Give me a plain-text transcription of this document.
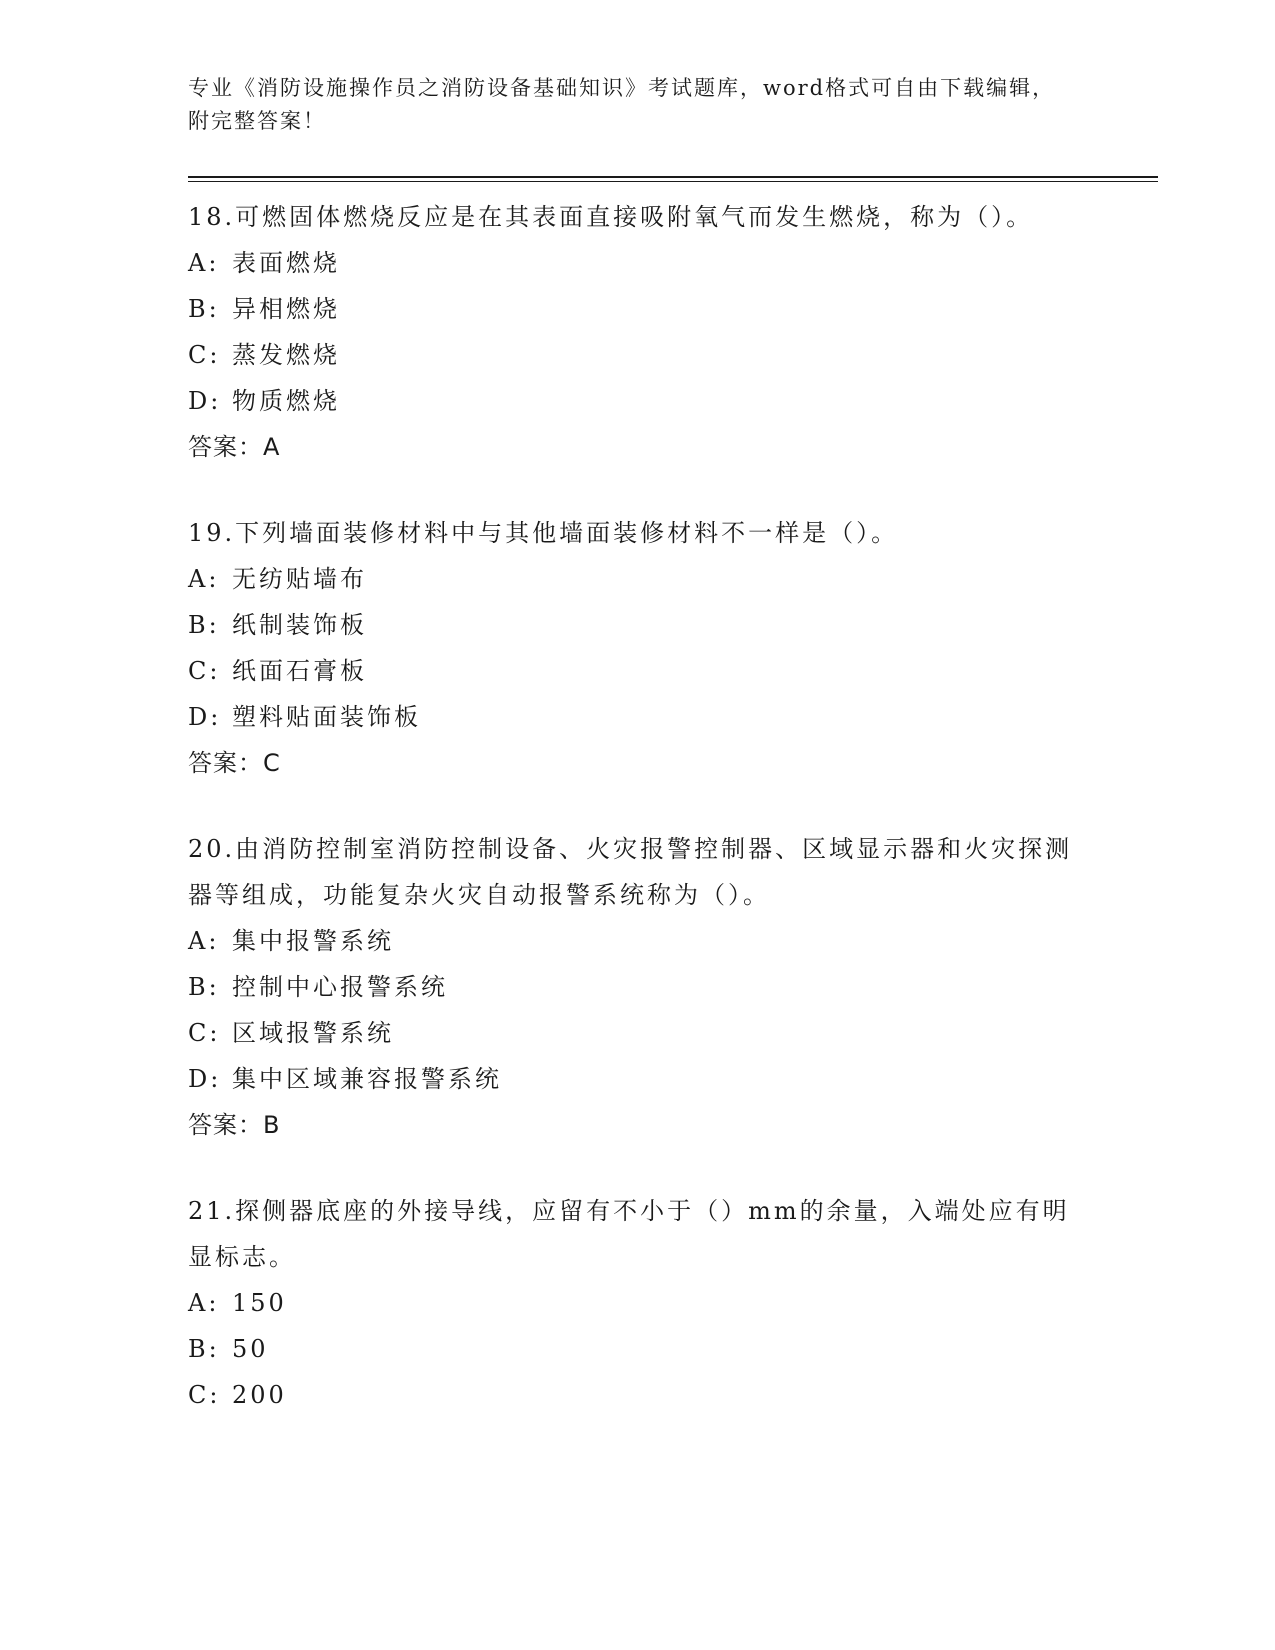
专业《消防设施操作员之消防设备基础知识》考试题库，word格式可自由下载编辑，附完整答案！

18.可燃固体燃烧反应是在其表面直接吸附氧气而发生燃烧，称为（）。

A: 表面燃烧
B: 异相燃烧
C: 蒸发燃烧
D: 物质燃烧

答案：A

19.下列墙面装修材料中与其他墙面装修材料不一样是（）。

A: 无纺贴墙布
B: 纸制装饰板
C: 纸面石膏板
D: 塑料贴面装饰板

答案：C

20.由消防控制室消防控制设备、火灾报警控制器、区域显示器和火灾探测器等组成，功能复杂火灾自动报警系统称为（）。

A: 集中报警系统
B: 控制中心报警系统
C: 区域报警系统
D: 集中区域兼容报警系统

答案：B

21.探侧器底座的外接导线，应留有不小于（）mm的余量，入端处应有明显标志。

A: 150
B: 50
C: 200
